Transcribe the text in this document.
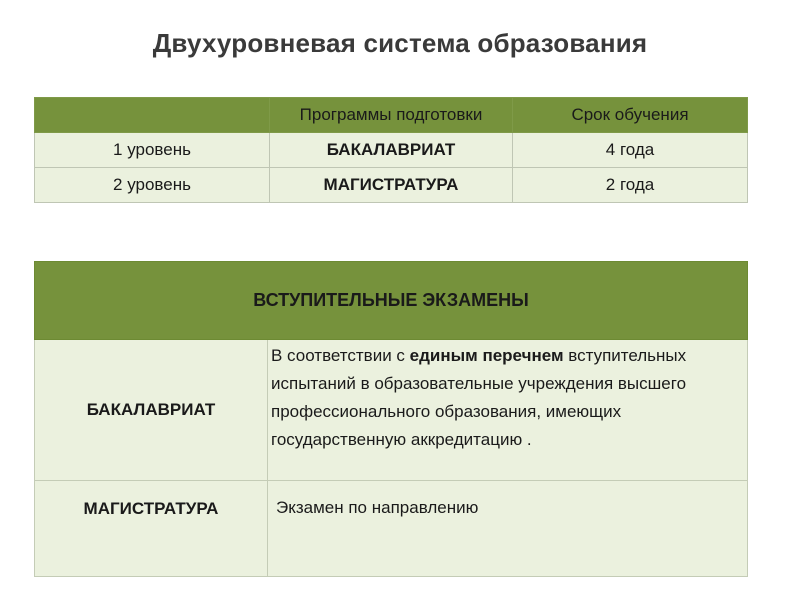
Двухуровневая система образования
	Программы подготовки	Срок обучения
1 уровень	БАКАЛАВРИАТ	4 года
2 уровень	МАГИСТРАТУРА	2 года
ВСТУПИТЕЛЬНЫЕ ЭКЗАМЕНЫ	
БАКАЛАВРИАТ	В соответствии с единым перечнем вступительных испытаний в образовательные учреждения высшего профессионального образования, имеющих государственную аккредитацию .
МАГИСТРАТУРА	Экзамен по направлению
